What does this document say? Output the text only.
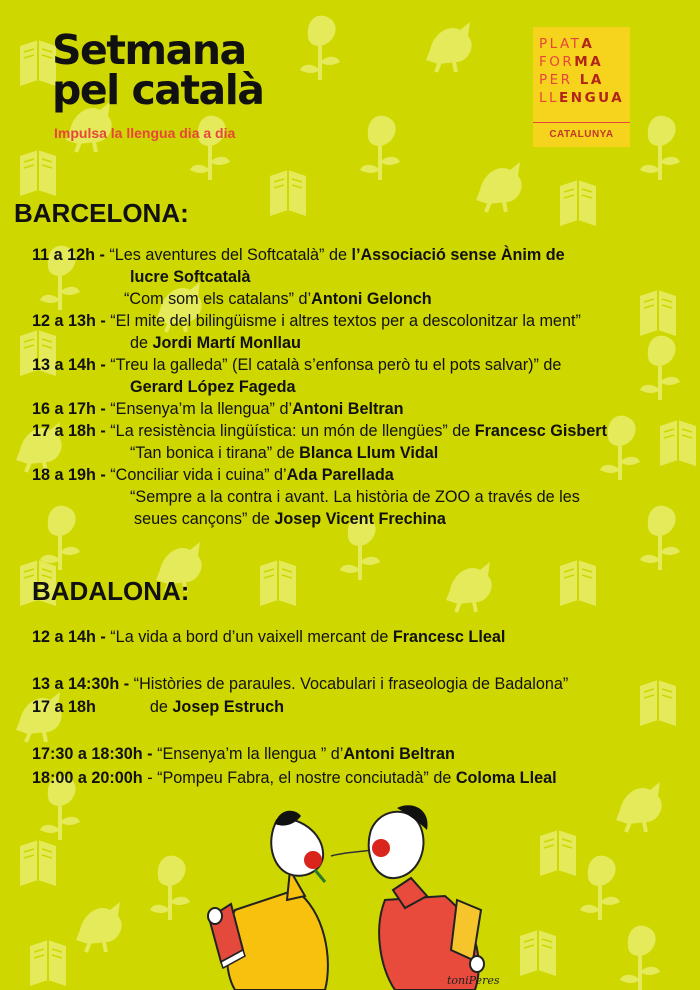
Setmana
pel català
Impulsa la llengua dia a dia
PLATA
FORMA
PER LA
LLENGUA
CATALUNYA
BARCELONA:
11 a 12h - “Les aventures del Softcatalà” de l’Associació sense Ànim de
lucre Softcatalà
“Com som els catalans” d’Antoni Gelonch
12 a 13h - “El mite del bilingüisme i altres textos per a descolonitzar la ment”
de Jordi Martí Monllau
13 a 14h - “Treu la galleda” (El català s’enfonsa però tu el pots salvar)” de
Gerard López Fageda
16 a 17h - “Ensenya’m la llengua” d’Antoni Beltran
17 a 18h - “La resistència lingüística: un món de llengües” de Francesc Gisbert
“Tan bonica i tirana” de Blanca Llum Vidal
18 a 19h - “Conciliar vida i cuina” d’Ada Parellada
“Sempre a la contra i avant. La història de ZOO a través de les
seues cançons” de Josep Vicent Frechina
BADALONA:
12 a 14h - “La vida a bord d’un vaixell mercant de Francesc Lleal
13 a 14:30h - “Històries de paraules. Vocabulari i fraseologia de Badalona”
17 a 18h	de Josep Estruch
17:30 a 18:30h - “Ensenya’m la llengua ” d’Antoni Beltran
18:00 a 20:00h - “Pompeu Fabra, el nostre conciutadà” de Coloma Lleal
toniPeres
